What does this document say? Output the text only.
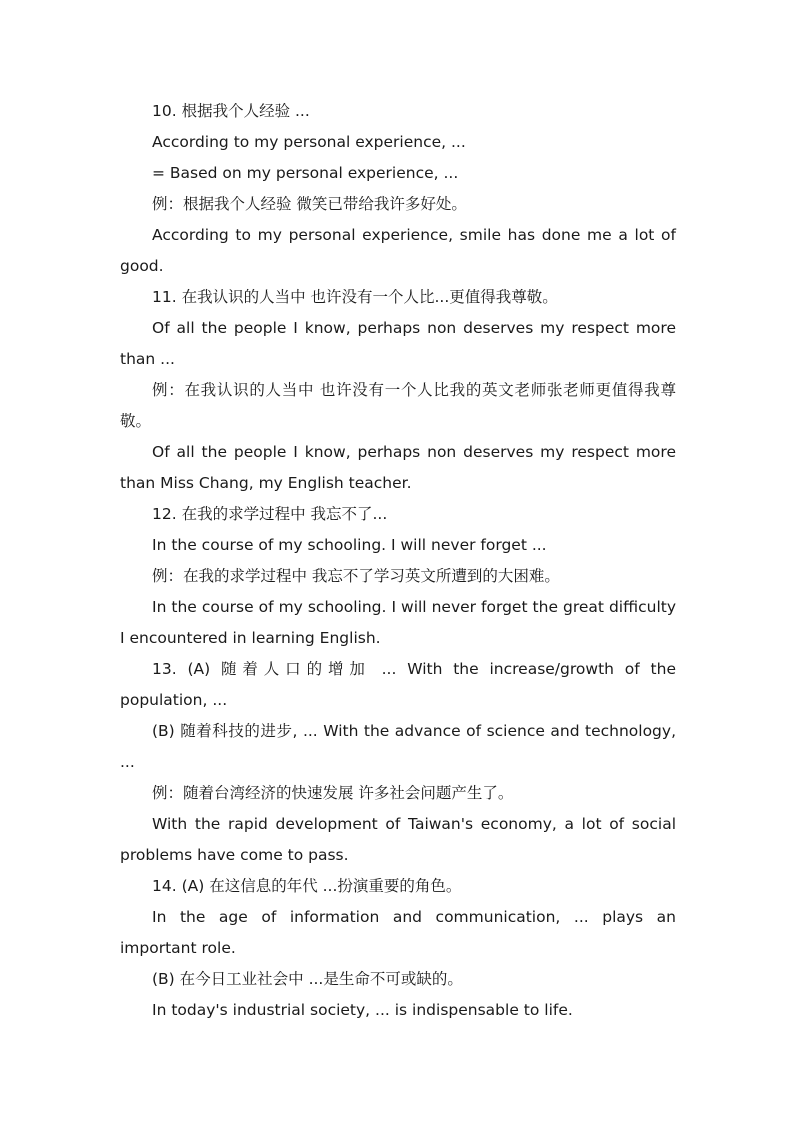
10. 根据我个人经验 ...

According to my personal experience, ...

= Based on my personal experience, ...

例：根据我个人经验 微笑已带给我许多好处。

According to my personal experience, smile has done me a lot of good.

11. 在我认识的人当中 也许没有一个人比...更值得我尊敬。

Of all the people I know, perhaps non deserves my respect more than ...

例：在我认识的人当中 也许没有一个人比我的英文老师张老师更值得我尊敬。

Of all the people I know, perhaps non deserves my respect more than Miss Chang, my English teacher.

12. 在我的求学过程中 我忘不了...

In the course of my schooling. I will never forget ...

例：在我的求学过程中 我忘不了学习英文所遭到的大困难。

In the course of my schooling. I will never forget the great difficulty I encountered in learning English.

13. (A) 随着人口的增加 ... With the increase/growth of the population, ...

(B) 随着科技的进步, ... With the advance of science and technology, ...

例：随着台湾经济的快速发展 许多社会问题产生了。

With the rapid development of Taiwan's economy, a lot of social problems have come to pass.

14. (A) 在这信息的年代 ...扮演重要的角色。

In the age of information and communication, ... plays an important role.

(B) 在今日工业社会中 ...是生命不可或缺的。

In today's industrial society, ... is indispensable to life.
